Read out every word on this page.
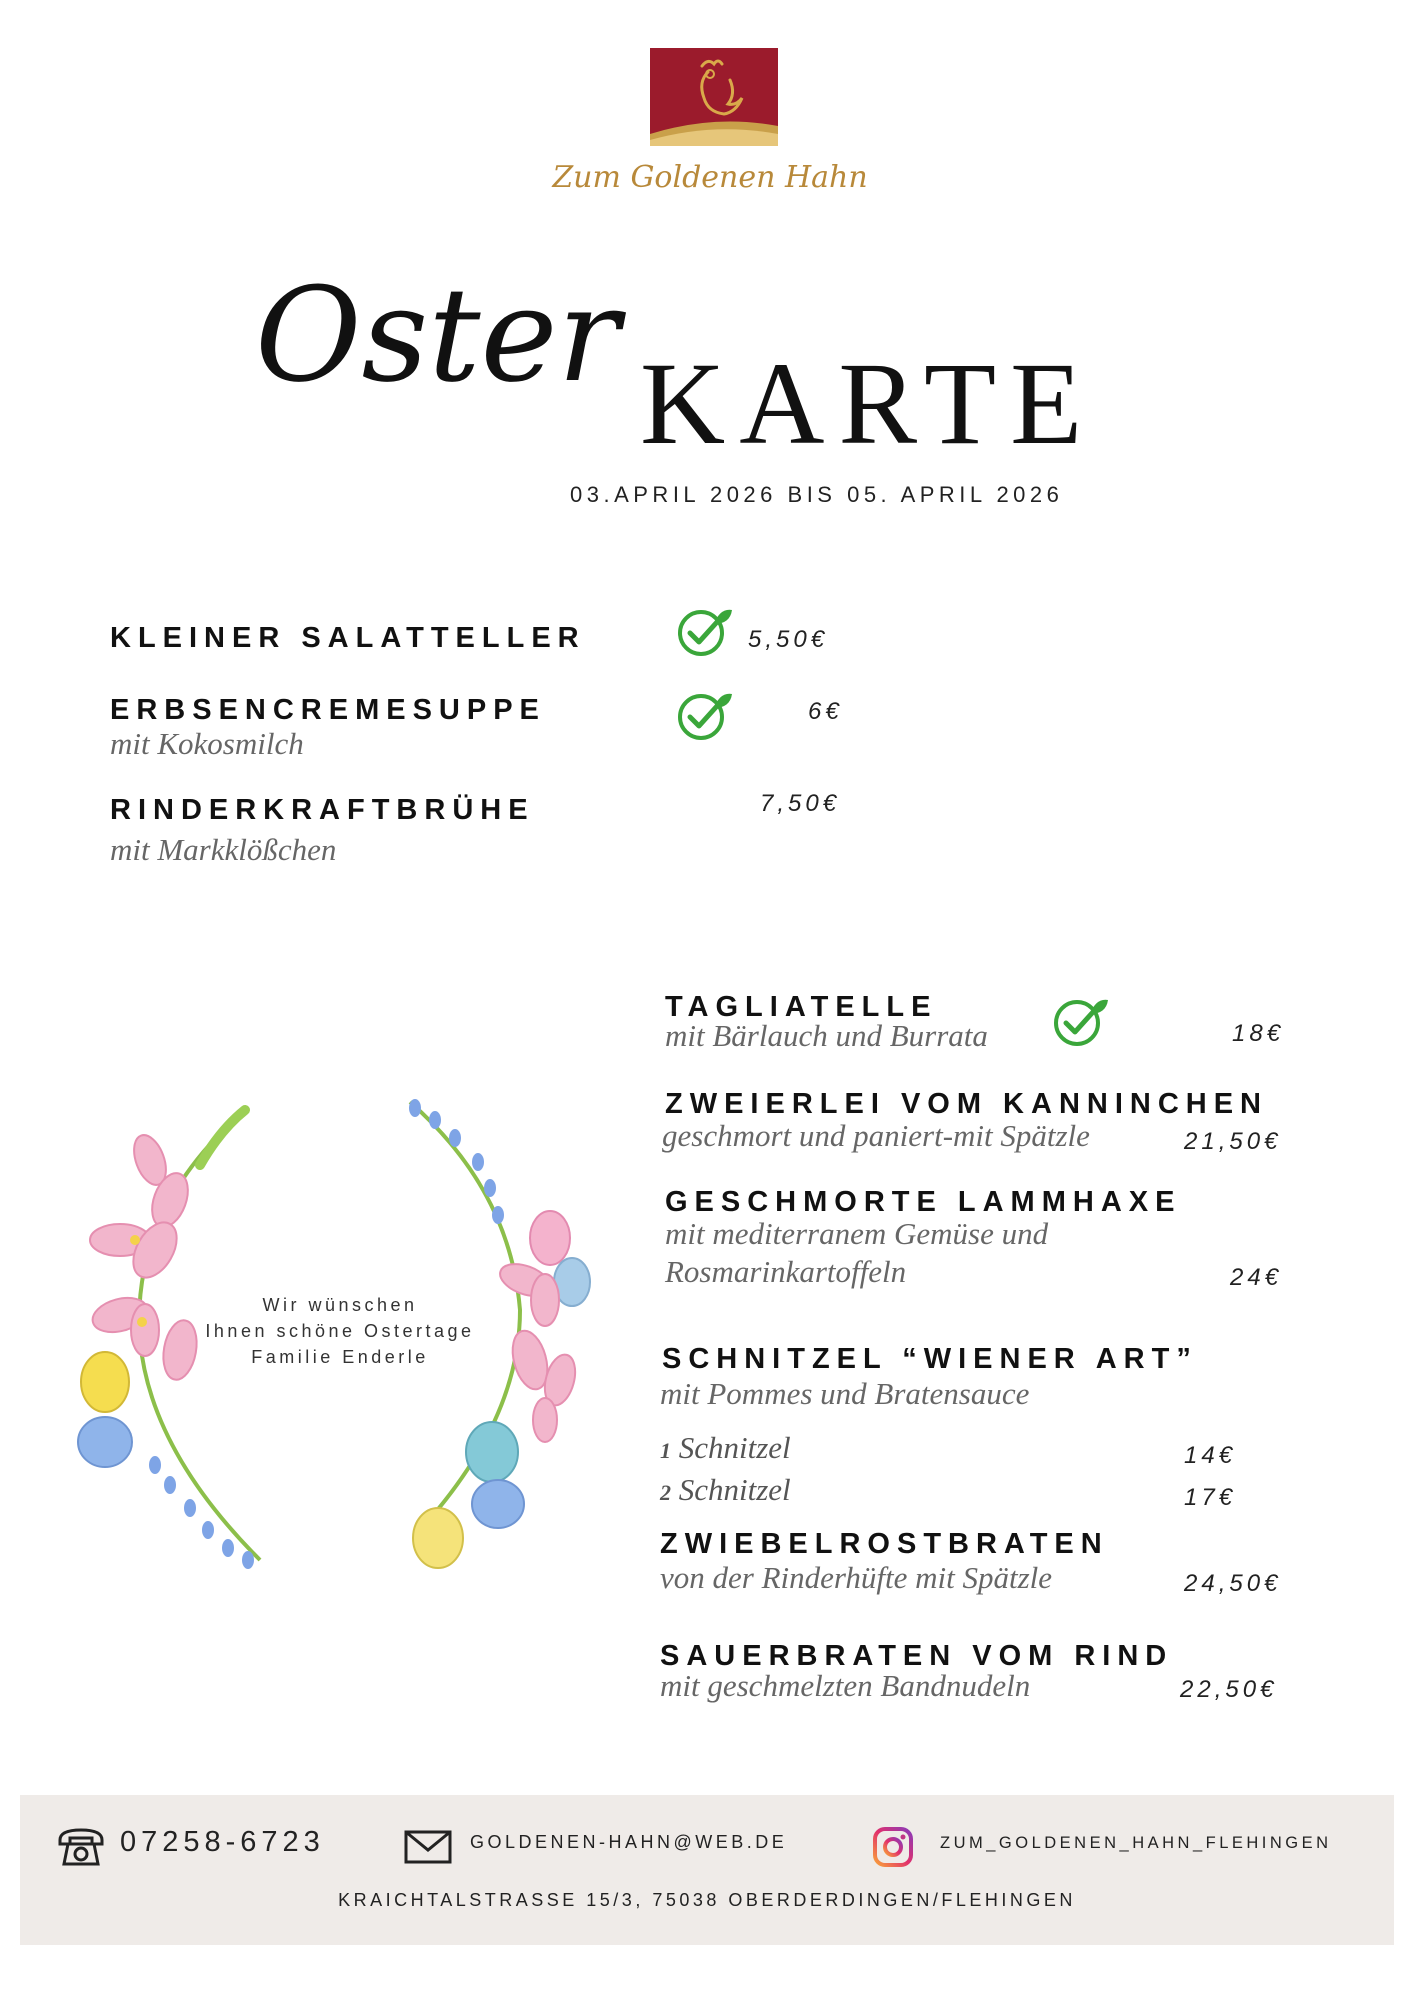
Zum Goldenen Hahn
Oster KARTE
03.APRIL 2026 BIS 05. APRIL 2026
KLEINER SALATTELLER	5,50€
ERBSENCREMESUPPE
mit Kokosmilch
6€
RINDERKRAFTBRÜHE
mit Markklößchen
7,50€
Wir wünschen
Ihnen schöne Ostertage
Familie Enderle
TAGLIATELLE
mit Bärlauch und Burrata	18€
ZWEIERLEI VOM KANNINCHEN
geschmort und paniert-mit Spätzle	21,50€
GESCHMORTE LAMMHAXE
mit mediterranem Gemüse und
Rosmarinkartoffeln	24€
SCHNITZEL “WIENER ART”
mit Pommes und Bratensauce
1 Schnitzel	14€
2 Schnitzel	17€
ZWIEBELROSTBRATEN
von der Rinderhüfte mit Spätzle	24,50€
SAUERBRATEN VOM RIND
mit geschmelzten Bandnudeln	22,50€
07258-6723	GOLDENEN-HAHN@WEB.DE	ZUM_GOLDENEN_HAHN_FLEHINGEN
KRAICHTALSTRASSE 15/3, 75038 OBERDERDINGEN/FLEHINGEN
